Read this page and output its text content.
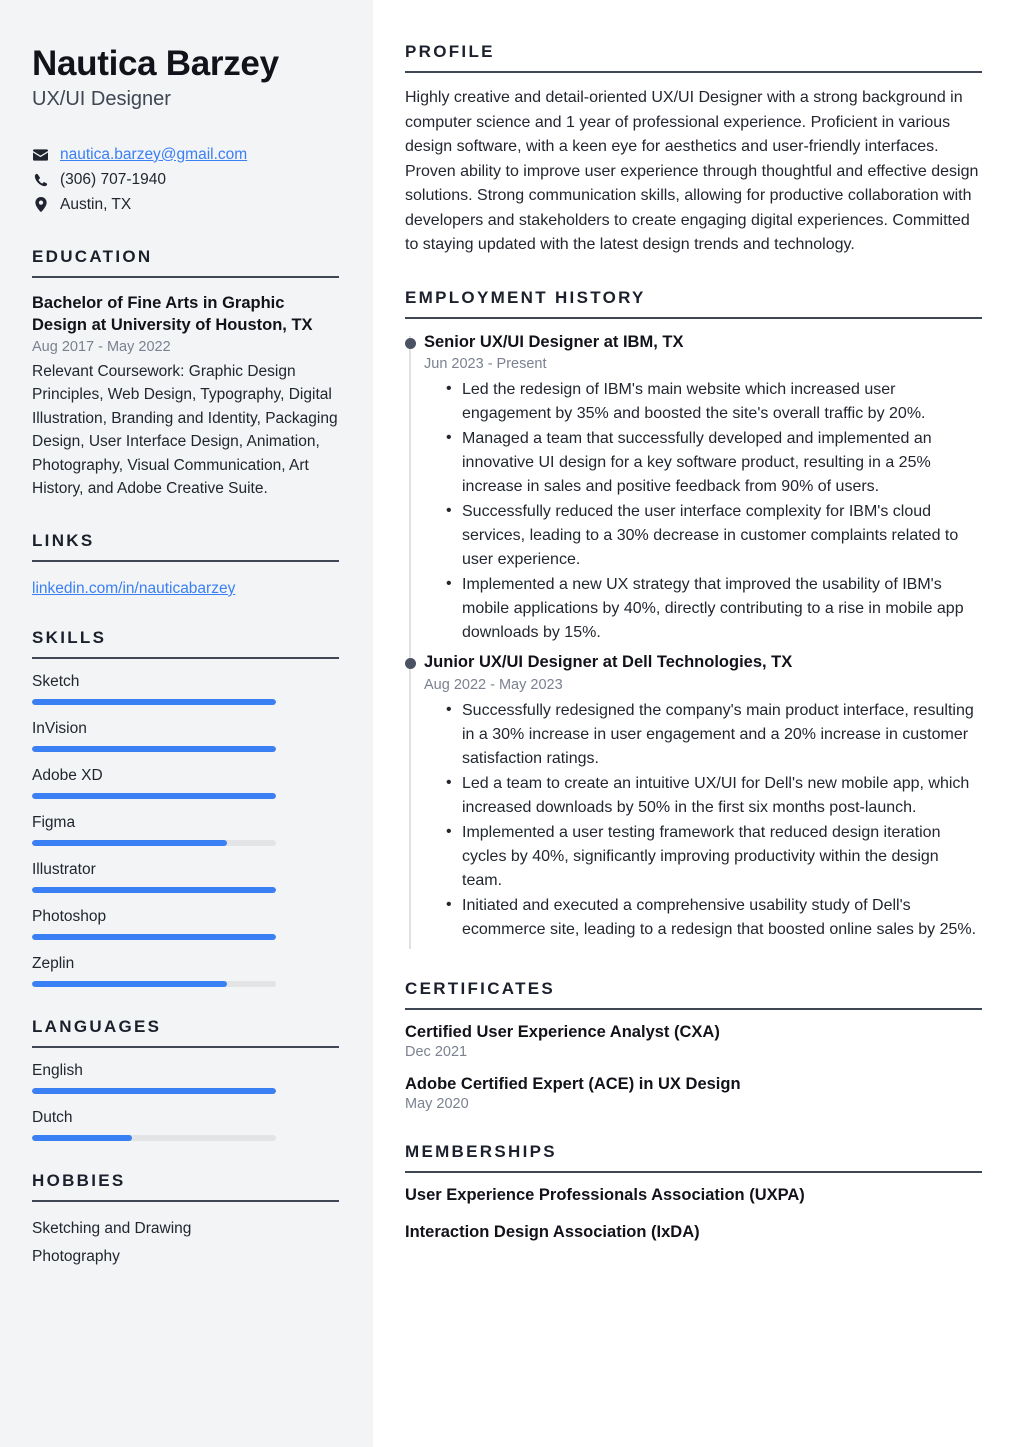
Nautica Barzey
UX/UI Designer
nautica.barzey@gmail.com
(306) 707-1940
Austin, TX
EDUCATION
Bachelor of Fine Arts in Graphic Design at University of Houston, TX
Aug 2017 - May 2022
Relevant Coursework: Graphic Design Principles, Web Design, Typography, Digital Illustration, Branding and Identity, Packaging Design, User Interface Design, Animation, Photography, Visual Communication, Art History, and Adobe Creative Suite.
LINKS
linkedin.com/in/nauticabarzey
SKILLS
Sketch
InVision
Adobe XD
Figma
Illustrator
Photoshop
Zeplin
LANGUAGES
English
Dutch
HOBBIES
Sketching and Drawing
Photography
PROFILE

Highly creative and detail-oriented UX/UI Designer with a strong background in computer science and 1 year of professional experience. Proficient in various design software, with a keen eye for aesthetics and user-friendly interfaces. Proven ability to improve user experience through thoughtful and effective design solutions. Strong communication skills, allowing for productive collaboration with developers and stakeholders to create engaging digital experiences. Committed to staying updated with the latest design trends and technology.

EMPLOYMENT HISTORY
Senior UX/UI Designer at IBM, TX
Jun 2023 - Present
• Led the redesign of IBM's main website which increased user engagement by 35% and boosted the site's overall traffic by 20%.
• Managed a team that successfully developed and implemented an innovative UI design for a key software product, resulting in a 25% increase in sales and positive feedback from 90% of users.
• Successfully reduced the user interface complexity for IBM's cloud services, leading to a 30% decrease in customer complaints related to user experience.
• Implemented a new UX strategy that improved the usability of IBM's mobile applications by 40%, directly contributing to a rise in mobile app downloads by 15%.
Junior UX/UI Designer at Dell Technologies, TX
Aug 2022 - May 2023
• Successfully redesigned the company's main product interface, resulting in a 30% increase in user engagement and a 20% increase in customer satisfaction ratings.
• Led a team to create an intuitive UX/UI for Dell's new mobile app, which increased downloads by 50% in the first six months post-launch.
• Implemented a user testing framework that reduced design iteration cycles by 40%, significantly improving productivity within the design team.
• Initiated and executed a comprehensive usability study of Dell's ecommerce site, leading to a redesign that boosted online sales by 25%.
CERTIFICATES
Certified User Experience Analyst (CXA)
Dec 2021
Adobe Certified Expert (ACE) in UX Design
May 2020
MEMBERSHIPS
User Experience Professionals Association (UXPA)
Interaction Design Association (IxDA)
